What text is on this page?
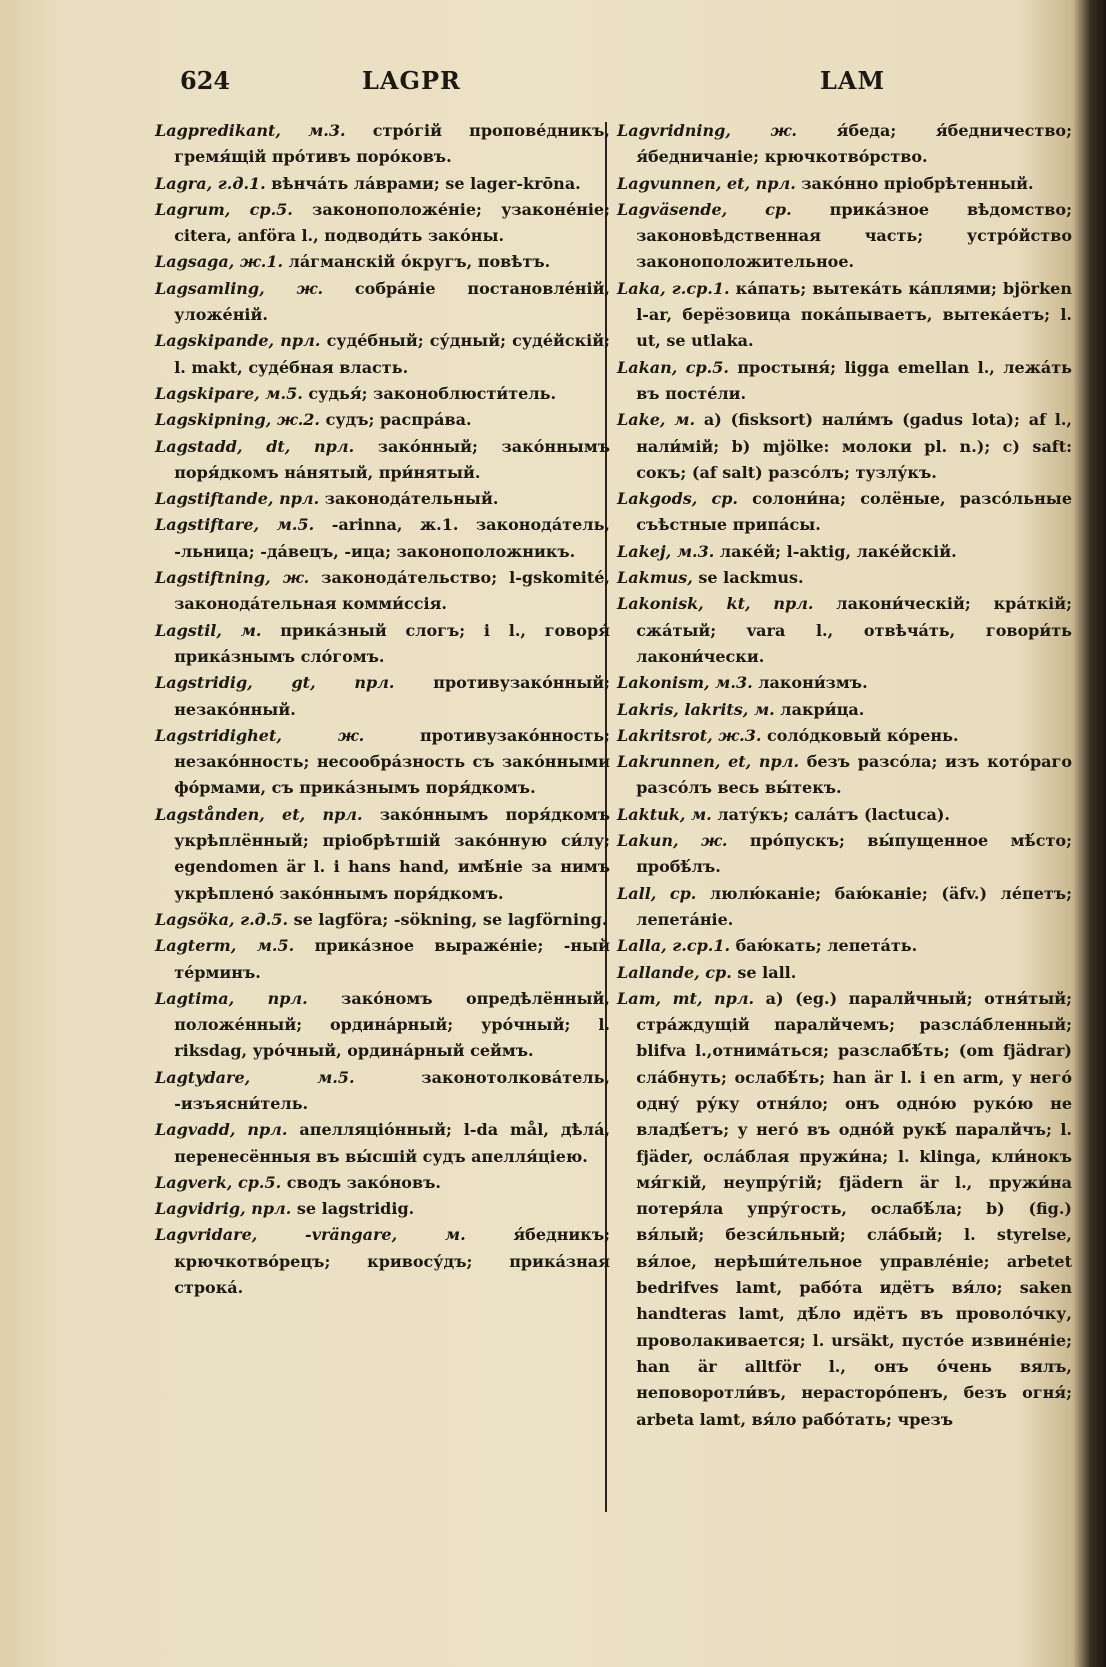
624	LAGPR	LAM

Lagpredikant, м.3. стро́гій пропове́дникъ, гремя́щій про́тивъ поро́ковъ.

Lagra, г.д.1. вѣнча́ть ла́врами; se lager-krōna.

Lagrum, ср.5. законоположе́ніе; узаконе́ніе; citera, anföra l., подводи́ть зако́ны.

Lagsaga, ж.1. ла́гманскій о́кругъ, повѣтъ.

Lagsamling, ж. собра́ніе постановле́ній, уложе́ній.

Lagskipande, прл. суде́бный; су́дный; суде́йскій; l. makt, суде́бная власть.

Lagskipare, м.5. судья́; законоблюсти́тель.

Lagskipning, ж.2. судъ; распра́ва.

Lagstadd, dt, прл. зако́нный; зако́ннымъ поря́дкомъ на́нятый, при́нятый.

Lagstiftande, прл. законода́тельный.

Lagstiftare, м.5. -arinna, ж.1. законода́тель, -льница; -да́вецъ, -ица; законоположникъ.

Lagstiftning, ж. законода́тельство; l-gskomité, законода́тельная комми́ссія.

Lagstil, м. прика́зный слогъ; i l., говоря́ прика́знымъ сло́гомъ.

Lagstridig, gt, прл. противузако́нный; незако́нный.

Lagstridighet, ж. противузако́нность; незако́нность; несообра́зность съ зако́нными фо́рмами, съ прика́знымъ поря́дкомъ.

Lagstånden, et, прл. зако́ннымъ поря́дкомъ укрѣплённый; пріобрѣтшій зако́нную си́лу; egendomen är l. i hans hand, имѣ́ніе за нимъ укрѣплено́ зако́ннымъ поря́дкомъ.

Lagsöka, г.д.5. se lagföra; -sökning, se lagförning.

Lagterm, м.5. прика́зное выраже́ніе; -ный те́рминъ.

Lagtima, прл. зако́номъ опредѣлённый, положе́нный; ордина́рный; уро́чный; l. riksdag, уро́чный, ордина́рный сеймъ.

Lagtydare, м.5. законотолкова́тель, -изъясни́тель.

Lagvadd, прл. апелляціо́нный; l-da mål, дѣла́, перенесённыя въ вы́сшій судъ апелля́ціею.

Lagverk, ср.5. сводъ зако́новъ.

Lagvidrig, прл. se lagstridig.

Lagvridare, -vrängare, м. я́бедникъ; крючкотво́рецъ; кривосу́дъ; прика́зная строка́.

Lagvridning, ж. я́беда; я́бедничество; я́бедничаніе; крючкотво́рство.

Lagvunnen, et, прл. зако́нно пріобрѣтенный.

Lagväsende, ср. прика́зное вѣдомство; законовѣдственная часть; устро́йство законоположительное.

Laka, г.ср.1. ка́пать; вытека́ть ка́плями; björken l-ar, берёзовица пока́пываетъ, вытека́етъ; l. ut, se utlaka.

Lakan, ср.5. простыня́; ligga emellan l., лежа́ть въ посте́ли.

Lake, м. a) (fisksort) нали́мъ (gadus lota); af l., нали́мій; b) mjölke: молоки pl. n.); c) saft: сокъ; (af salt) разсо́лъ; тузлу́къ.

Lakgods, ср. солони́на; солёные, разсо́льные съѣстные припа́сы.

Lakej, м.3. лаке́й; l-aktig, лаке́йскій.

Lakmus, se lackmus.

Lakonisk, kt, прл. лакони́ческій; кра́ткій; сжа́тый; vara l., отвѣча́ть, говори́ть лакони́чески.

Lakonism, м.3. лакони́змъ.

Lakris, lakrits, м. лакри́ца.

Lakritsrot, ж.3. соло́дковый ко́рень.

Lakrunnen, et, прл. безъ разсо́ла; изъ кото́раго разсо́лъ весь вы́текъ.

Laktuk, м. лату́къ; сала́тъ (lactuca).

Lakun, ж. про́пускъ; вы́пущенное мѣ́сто; пробѣ́лъ.

Lall, ср. люлю́каніе; баю́каніе; (äfv.) ле́петъ; лепета́ніе.

Lalla, г.ср.1. баю́кать; лепета́ть.

Lallande, ср. se lall.

Lam, mt, прл. a) (eg.) паралйчный; отня́тый; стра́ждущій паралйчемъ; разсла́бленный; blifva l.,отнима́ться; разслабѣ́ть; (om fjädrar) сла́бнуть; ослабѣ́ть; han är l. i en arm, у него́ одну́ ру́ку отня́ло; онъ одно́ю руко́ю не владѣ́етъ; у него́ въ одно́й рукѣ́ паралйчъ; l. fjäder, осла́блая пружи́на; l. klinga, кли́нокъ мя́гкій, неупру́гій; fjädern är l., пружи́на потеря́ла упру́гость, ослабѣ́ла; b) (fig.) вя́лый; безси́льный; сла́бый; l. styrelse, вя́лое, нерѣши́тельное управле́ніе; arbetet bedrifves lamt, рабо́та идётъ вя́ло; saken handteras lamt, дѣ́ло идётъ въ проволо́чку, проволакивается; l. ursäkt, пусто́е извине́ніе; han är alltför l., онъ о́чень вялъ, неповоротли́въ, нерасторо́пенъ, безъ огня́; arbeta lamt, вя́ло рабо́тать; чрезъ
